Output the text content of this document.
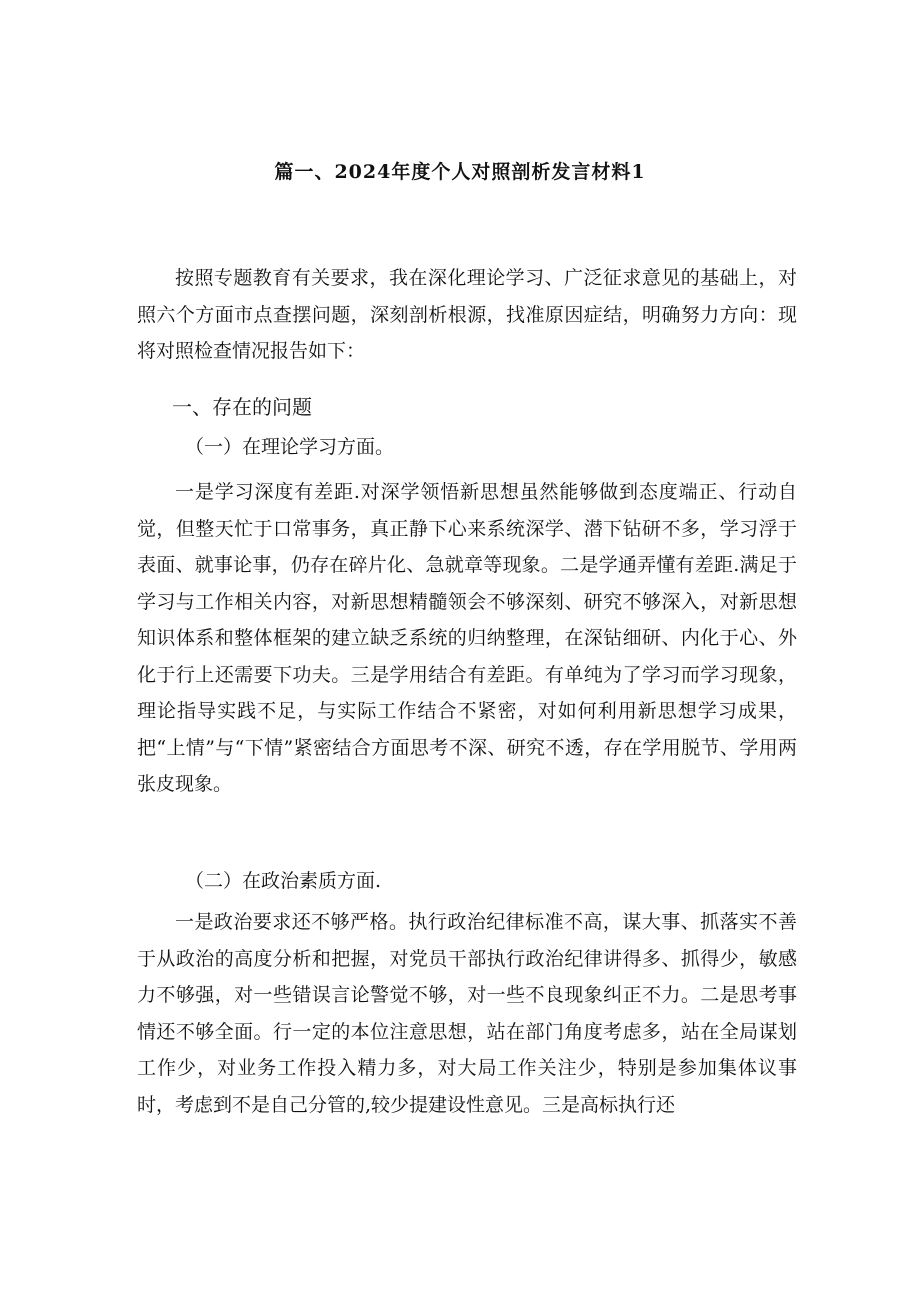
篇一、2024年度个人对照剖析发言材料1

按照专题教育有关要求，我在深化理论学习、广泛征求意见的基础上，对照六个方面市点查摆问题，深刻剖析根源，找准原因症结，明确努力方向：现将对照检查情况报告如下：

一、存在的问题

（一）在理论学习方面。

一是学习深度有差距.对深学领悟新思想虽然能够做到态度端正、行动自觉，但整天忙于口常事务，真正静下心来系统深学、潜下钻研不多，学习浮于表面、就事论事，仍存在碎片化、急就章等现象。二是学通弄懂有差距.满足于学习与工作相关内容，对新思想精髓领会不够深刻、研究不够深入，对新思想知识体系和整体框架的建立缺乏系统的归纳整理，在深钻细研、内化于心、外化于行上还需要下功夫。三是学用结合有差距。有单纯为了学习而学习现象，理论指导实践不足，与实际工作结合不紧密，对如何利用新思想学习成果，把“上情”与“下情”紧密结合方面思考不深、研究不透，存在学用脱节、学用两张皮现象。

（二）在政治素质方面.

一是政治要求还不够严格。执行政治纪律标准不高，谋大事、抓落实不善于从政治的高度分析和把握，对党员干部执行政治纪律讲得多、抓得少，敏感力不够强，对一些错误言论警觉不够，对一些不良现象纠正不力。二是思考事情还不够全面。行一定的本位注意思想，站在部门角度考虑多，站在全局谋划工作少，对业务工作投入精力多，对大局工作关注少，特别是参加集体议事时，考虑到不是自己分管的,较少提建设性意见。三是高标执行还
